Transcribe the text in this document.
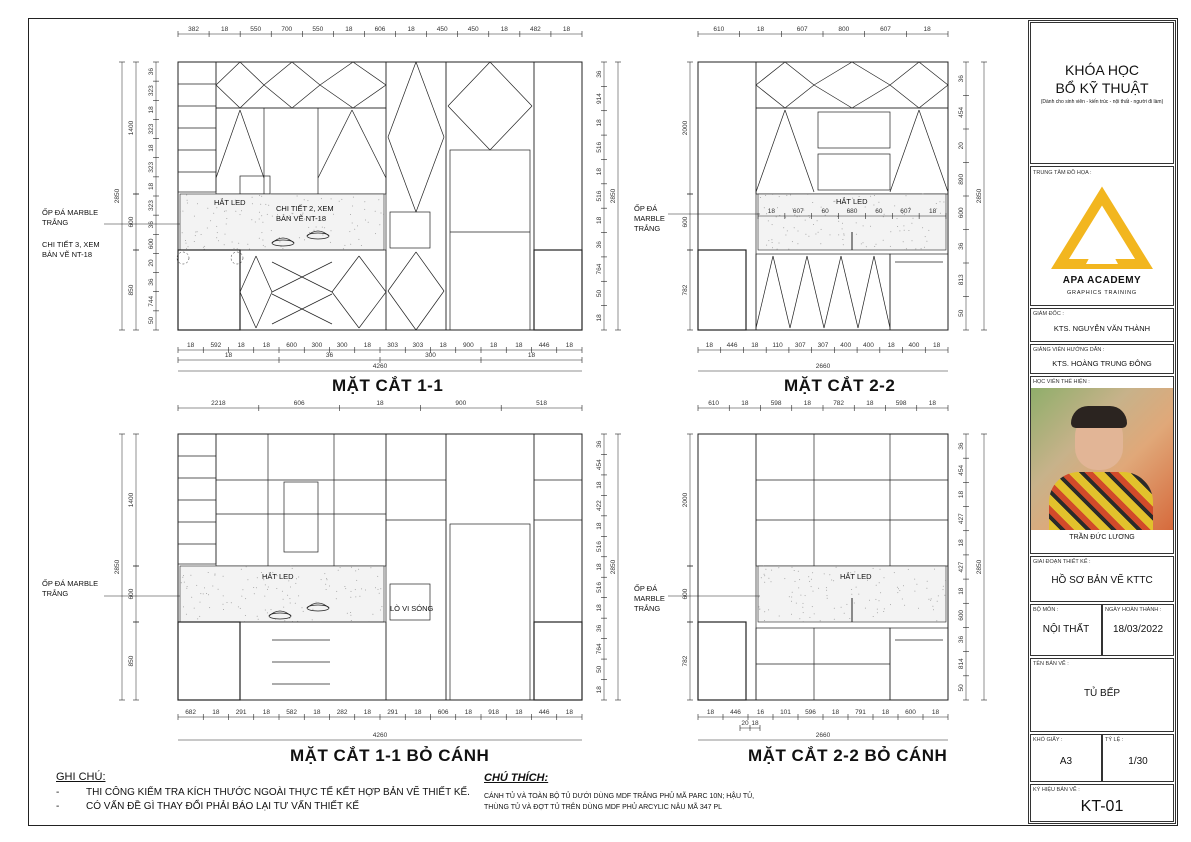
382	18	550	700	550	18	606	18	450	450	18	482	18
18 592 18	18 600 300 300 18 303 303 18 900 18	18 446 18
18	36	300	18
4260
36
323
18
323
18
323
18
323
36
600
20
36
744
50
1400
2850
600
850
36
914
18
516
18
516
18
36
764
50
18
2850
610	18	607	800	607	18
18 446 18 110 307 307 400 400 18 400 18
2660
2000
600
782
36
454
20
890
600
36
813
50
2850
18	607	60	680	60	607	18
2218	606	18	900	518
682 18 291 18 582 18 282 18 291 18 606 18 918 18 446 18
4260
1400
2850
600
850
36
454
18
422
18
516
18
516
18
36
764
50
18
2850
610	18	598	18	782	18	598	18
18 446 16 101 596 18 791 18 600 18
20 18
2660
2000
600
782
36
454
18
427
18
427
18
600
36
814
50
2850
MẶT CẮT 1-1	MẶT CẮT 2-2
MẶT CẮT 1-1 BỎ CÁNH	MẶT CẮT 2-2 BỎ CÁNH
ỐP ĐÁ MARBLE TRẮNG
CHI TIẾT 3, XEM BẢN VẼ NT-18
HẮT LED
CHI TIẾT 2, XEM BẢN VẼ NT-18
ỐP ĐÁ MARBLE TRẮNG
HẮT LED
ỐP ĐÁ MARBLE TRẮNG
HẮT LED
LÒ VI SÓNG
ỐP ĐÁ MARBLE TRẮNG
HẮT LED
GHI CHÚ:
-	THI CÔNG KIỂM TRA KÍCH THƯỚC NGOÀI THỰC TẾ KẾT HỢP BẢN VẼ THIẾT KẾ.
-	CÓ VẤN ĐỀ GÌ THAY ĐỔI PHẢI BÁO LẠI TƯ VẤN THIẾT KẾ
CHÚ THÍCH:
CÁNH TỦ VÀ TOÀN BỘ TỦ DƯỚI DÙNG MDF TRẮNG PHỦ MÃ PARC 10N; HẬU TỦ,
THÙNG TỦ VÀ ĐỢT TỦ TRÊN DÙNG MDF PHỦ ARCYLIC NÂU MÃ 347 PL
KHÓA HỌC
BỔ KỸ THUẬT
(Dành cho sinh viên - kiến trúc - nội thất - người đi làm)
TRUNG TÂM ĐỒ HỌA :
APA ACADEMY
GRAPHICS TRAINING
GIÁM ĐỐC :
KTS. NGUYỄN VĂN THÀNH
GIẢNG VIÊN HƯỚNG DẪN :
KTS. HOÀNG TRUNG ĐÔNG
HỌC VIÊN THỂ HIỆN :
TRẦN ĐỨC LƯƠNG
GIAI ĐOẠN THIẾT KẾ :
HỒ SƠ BẢN VẼ KTTC
BỘ MÔN :
NỘI THẤT
NGÀY HOÀN THÀNH :
18/03/2022
TÊN BẢN VẼ :
TỦ BẾP
KHỔ GIẤY :
A3
TỶ LỆ :
1/30
KÝ HIỆU BẢN VẼ :
KT-01
